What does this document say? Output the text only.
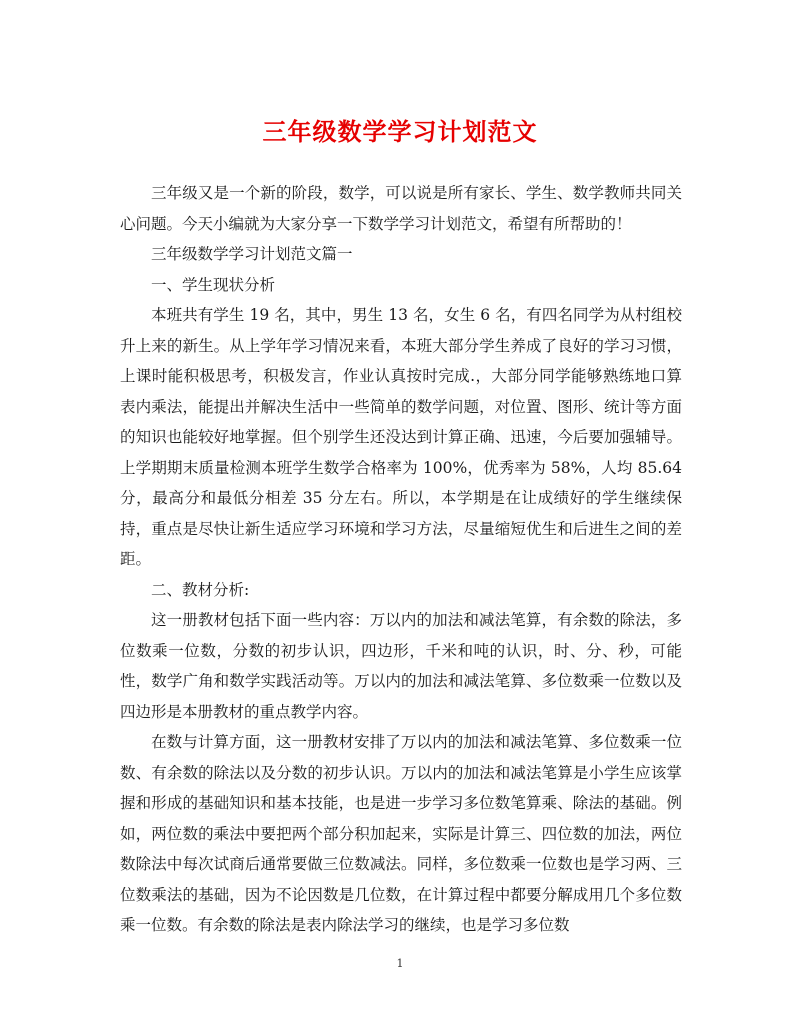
三年级数学学习计划范文

三年级又是一个新的阶段，数学，可以说是所有家长、学生、数学教师共同关心问题。今天小编就为大家分享一下数学学习计划范文，希望有所帮助的！

三年级数学学习计划范文篇一

一、学生现状分析

本班共有学生 19 名，其中，男生 13 名，女生 6 名，有四名同学为从村组校升上来的新生。从上学年学习情况来看，本班大部分学生养成了良好的学习习惯，上课时能积极思考，积极发言，作业认真按时完成.，大部分同学能够熟练地口算表内乘法，能提出并解决生活中一些简单的数学问题，对位置、图形、统计等方面的知识也能较好地掌握。但个别学生还没达到计算正确、迅速，今后要加强辅导。上学期期末质量检测本班学生数学合格率为 100%，优秀率为 58%，人均 85.64 分，最高分和最低分相差 35 分左右。所以，本学期是在让成绩好的学生继续保持，重点是尽快让新生适应学习环境和学习方法，尽量缩短优生和后进生之间的差距。

二、教材分析:

这一册教材包括下面一些内容：万以内的加法和减法笔算，有余数的除法，多位数乘一位数，分数的初步认识，四边形，千米和吨的认识，时、分、秒，可能性，数学广角和数学实践活动等。万以内的加法和减法笔算、多位数乘一位数以及四边形是本册教材的重点教学内容。

在数与计算方面，这一册教材安排了万以内的加法和减法笔算、多位数乘一位数、有余数的除法以及分数的初步认识。万以内的加法和减法笔算是小学生应该掌握和形成的基础知识和基本技能，也是进一步学习多位数笔算乘、除法的基础。例如，两位数的乘法中要把两个部分积加起来，实际是计算三、四位数的加法，两位数除法中每次试商后通常要做三位数减法。同样，多位数乘一位数也是学习两、三位数乘法的基础，因为不论因数是几位数，在计算过程中都要分解成用几个多位数乘一位数。有余数的除法是表内除法学习的继续，也是学习多位数

1
